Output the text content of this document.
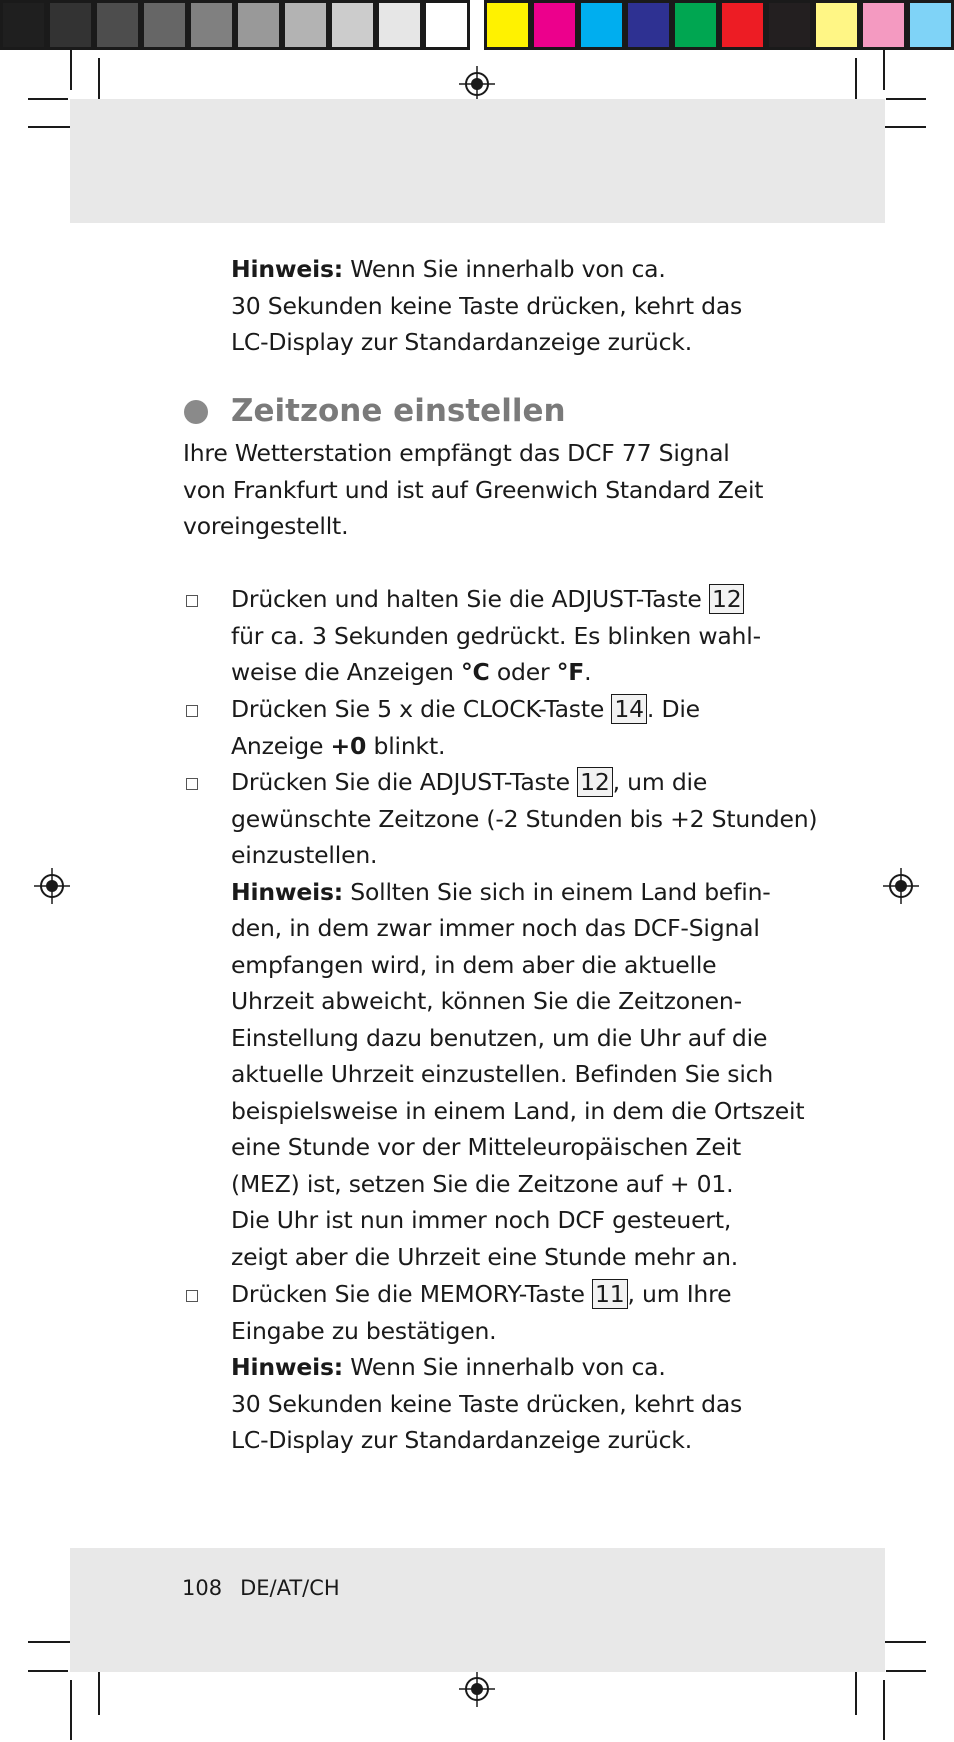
Hinweis: Wenn Sie innerhalb von ca.
30 Sekunden keine Taste drücken, kehrt das
LC-Display zur Standardanzeige zurück.
Zeitzone einstellen
Ihre Wetterstation empfängt das DCF 77 Signal
von Frankfurt und ist auf Greenwich Standard Zeit
voreingestellt.
Drücken und halten Sie die ADJUST-Taste 12
für ca. 3 Sekunden gedrückt. Es blinken wahl-
weise die Anzeigen °C oder °F.
Drücken Sie 5 x die CLOCK-Taste 14 . Die
Anzeige +0 blinkt.
Drücken Sie die ADJUST-Taste 12 , um die
gewünschte Zeitzone (-2 Stunden bis +2 Stunden)
einzustellen.
Hinweis: Sollten Sie sich in einem Land befin-
den, in dem zwar immer noch das DCF-Signal
empfangen wird, in dem aber die aktuelle
Uhrzeit abweicht, können Sie die Zeitzonen-
Einstellung dazu benutzen, um die Uhr auf die
aktuelle Uhrzeit einzustellen. Befinden Sie sich
beispielsweise in einem Land, in dem die Ortszeit
eine Stunde vor der Mitteleuropäischen Zeit
(MEZ) ist, setzen Sie die Zeitzone auf + 01.
Die Uhr ist nun immer noch DCF gesteuert,
zeigt aber die Uhrzeit eine Stunde mehr an.
Drücken Sie die MEMORY-Taste 11 , um Ihre
Eingabe zu bestätigen.
Hinweis: Wenn Sie innerhalb von ca.
30 Sekunden keine Taste drücken, kehrt das
LC-Display zur Standardanzeige zurück.
108 DE/AT/CH
